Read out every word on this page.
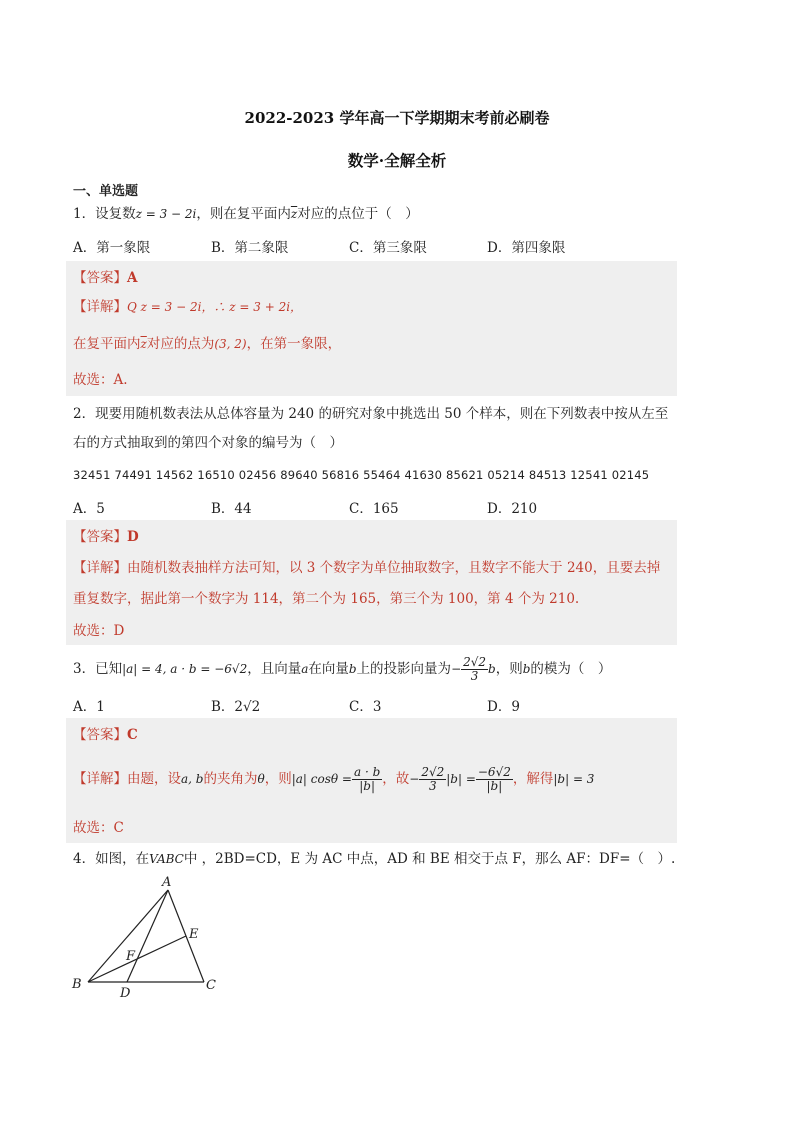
2022-2023 学年高一下学期期末考前必刷卷
数学·全解全析
一、单选题
1．设复数z = 3 − 2i，则在复平面内$\overline{z}$对应的点位于（　）
A．第一象限	B．第二象限	C．第三象限	D．第四象限
【答案】A
【详解】Q z = 3 − 2i，∴ z = 3 + 2i，
在复平面内$\overline{z}$对应的点为(3, 2)，在第一象限，
故选：A.
2．现要用随机数表法从总体容量为 240 的研究对象中挑选出 50 个样本，则在下列数表中按从左至
右的方式抽取到的第四个对象的编号为（　）
32451 74491 14562 16510 02456 89640 56816 55464 41630 85621 05214 84513 12541 02145
A．5	B．44	C．165	D．210
【答案】D
【详解】由随机数表抽样方法可知，以 3 个数字为单位抽取数字，且数字不能大于 240，且要去掉
重复数字，据此第一个数字为 114，第二个为 165，第三个为 100，第 4 个为 210.
故选：D
3．已知|a| = 4, a · b = −6√2，且向量a在向量b上的投影向量为− $\frac{2√2}{3}$ b，则b的模为（　）
A．1	B．2√2	C．3	D．9
【答案】C
【详解】由题，设a, b的夹角为θ，则|a| $\cos\theta = \frac{a \cdot b}{|b|}$ ，故− $\frac{2√2}{3} |b| = \frac{-6√2}{|b|}$ ，解得|b| = 3
故选：C
4．如图，在VABC中 ，2BD=CD，E 为 AC 中点，AD 和 BE 相交于点 F，那么 AF：DF=（　）.
A
B	C
D
E
F
